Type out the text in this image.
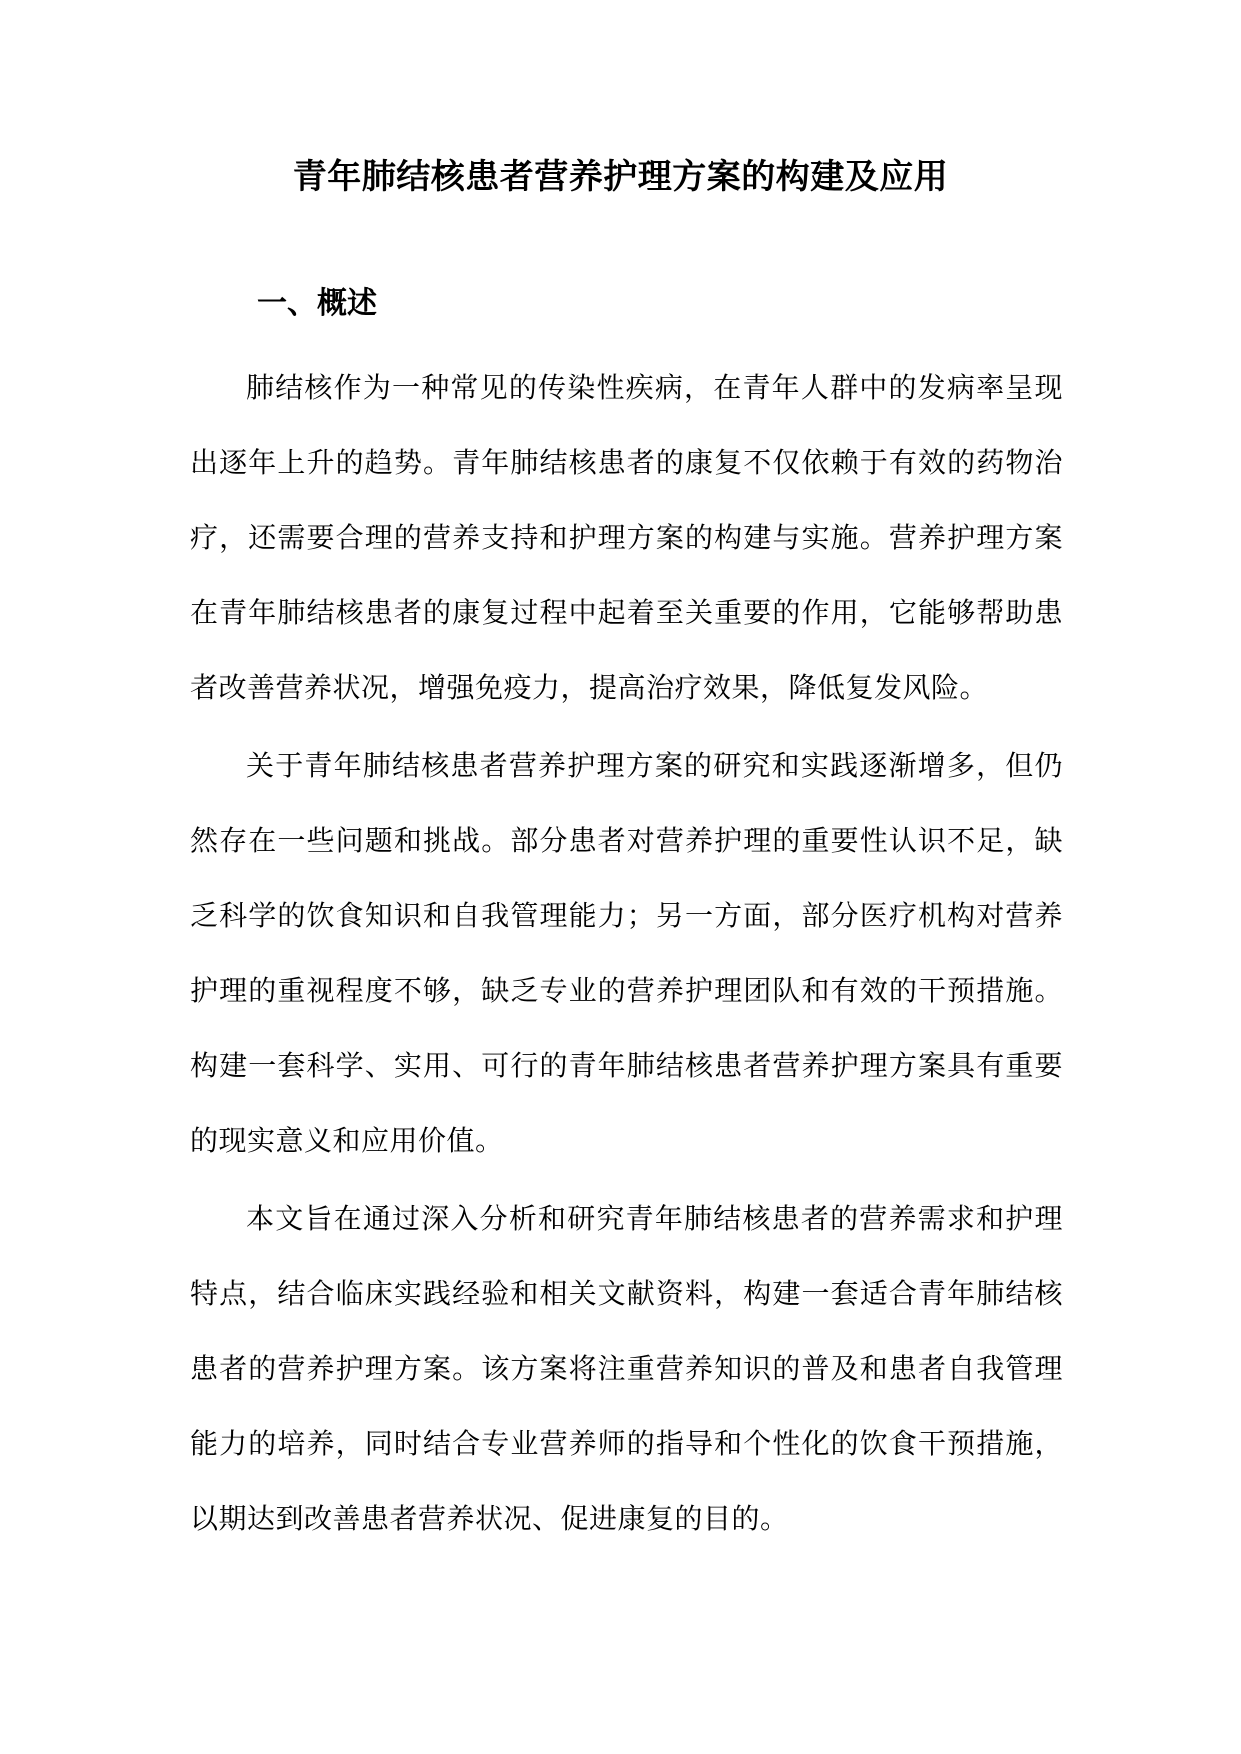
青年肺结核患者营养护理方案的构建及应用
一、概述

肺结核作为一种常见的传染性疾病，在青年人群中的发病率呈现出逐年上升的趋势。青年肺结核患者的康复不仅依赖于有效的药物治疗，还需要合理的营养支持和护理方案的构建与实施。营养护理方案在青年肺结核患者的康复过程中起着至关重要的作用，它能够帮助患者改善营养状况，增强免疫力，提高治疗效果，降低复发风险。

关于青年肺结核患者营养护理方案的研究和实践逐渐增多，但仍然存在一些问题和挑战。部分患者对营养护理的重要性认识不足，缺乏科学的饮食知识和自我管理能力；另一方面，部分医疗机构对营养护理的重视程度不够，缺乏专业的营养护理团队和有效的干预措施。构建一套科学、实用、可行的青年肺结核患者营养护理方案具有重要的现实意义和应用价值。

本文旨在通过深入分析和研究青年肺结核患者的营养需求和护理特点，结合临床实践经验和相关文献资料，构建一套适合青年肺结核患者的营养护理方案。该方案将注重营养知识的普及和患者自我管理能力的培养，同时结合专业营养师的指导和个性化的饮食干预措施，以期达到改善患者营养状况、促进康复的目的。
